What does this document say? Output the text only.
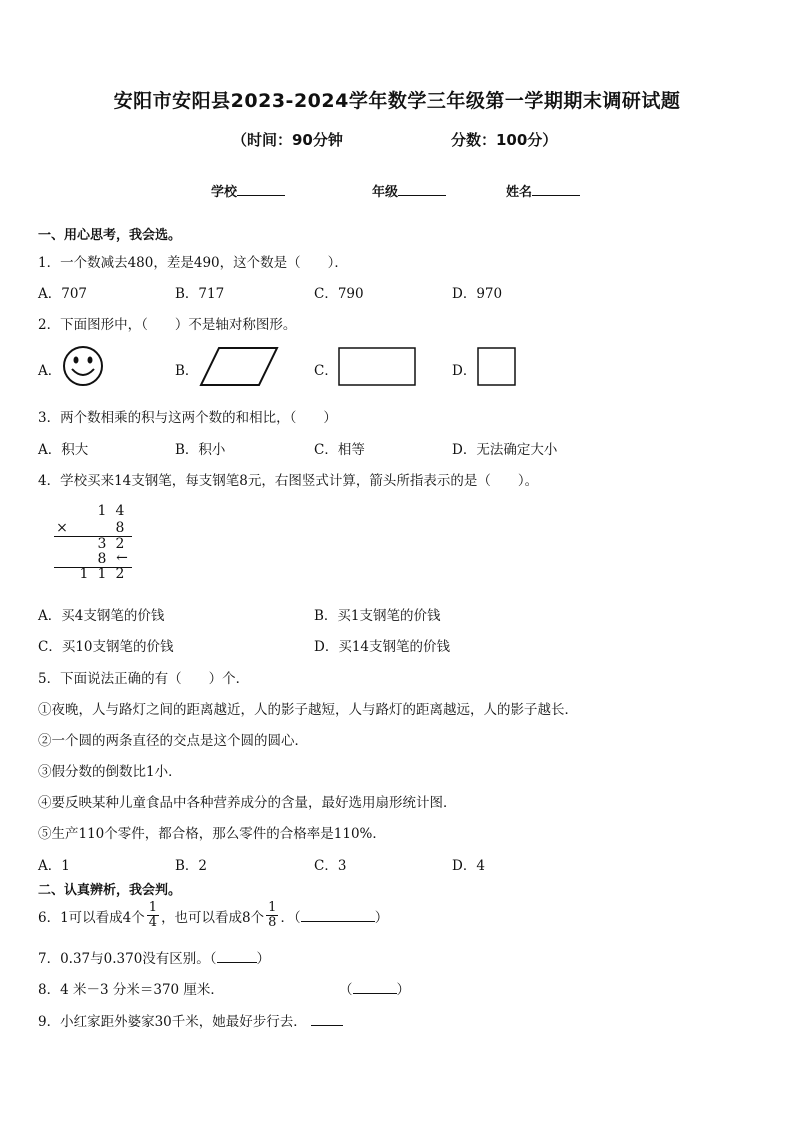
安阳市安阳县2023-2024学年数学三年级第一学期期末调研试题
（时间：90分钟	分数：100分）
学校	年级	姓名
一、用心思考，我会选。
1．一个数减去480，差是490，这个数是（　　）．
A．707	B．717	C．790	D．970
2．下面图形中，（　　）不是轴对称图形。
A．	B．	C．	D．
3．两个数相乘的积与这两个数的和相比，（　　）
A．积大	B．积小	C．相等	D．无法确定大小
4．学校买来14支钢笔，每支钢笔8元，右图竖式计算，箭头所指表示的是（　　）。
1 4
×	8
3 2
8 ←
1 1 2
A．买4支钢笔的价钱	B．买1支钢笔的价钱
C．买10支钢笔的价钱	D．买14支钢笔的价钱
5．下面说法正确的有（　　）个．
①夜晚，人与路灯之间的距离越近，人的影子越短，人与路灯的距离越远，人的影子越长．
②一个圆的两条直径的交点是这个圆的圆心．
③假分数的倒数比1小．
④要反映某种儿童食品中各种营养成分的含量，最好选用扇形统计图．
⑤生产110个零件，都合格，那么零件的合格率是110%．
A．1	B．2	C．3	D．4
二、认真辨析，我会判。
6．1可以看成4个 $\frac{1}{4}$ ，也可以看成8个 $\frac{1}{8}$ ．（	）
7．0.37与0.370没有区别。（	）
8．4 米－3 分米＝370 厘米．	（	）
9．小红家距外婆家30千米，她最好步行去．
